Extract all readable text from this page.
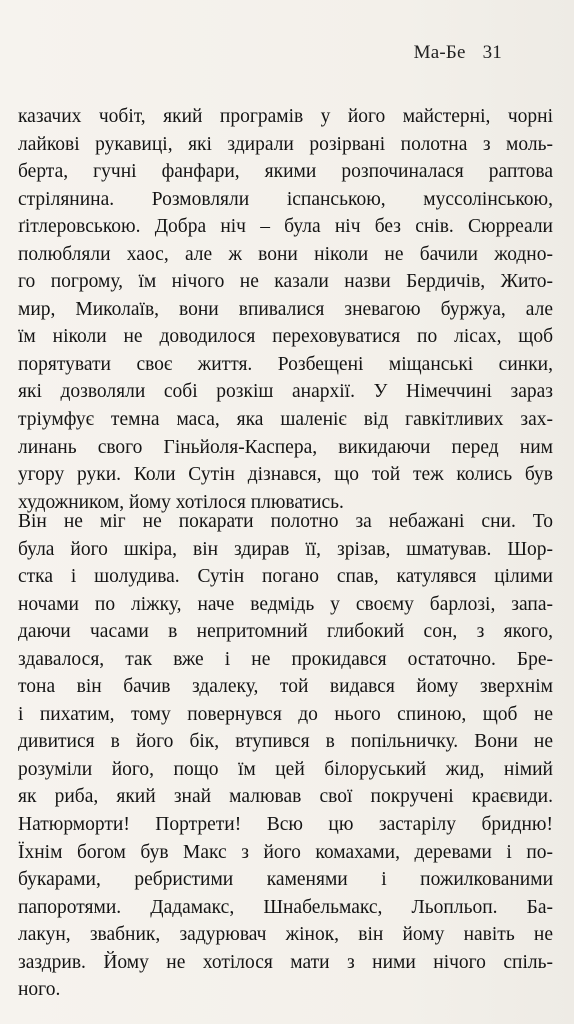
Ма-Бе 31
казачих чобіт, який програмів у його майстерні, чорні
лайкові рукавиці, які здирали розірвані полотна з моль-
берта, гучні фанфари, якими розпочиналася раптова
стрілянина. Розмовляли іспанською, муссолінською,
ґітлеровською. Добра ніч – була ніч без снів. Сюрреали
полюбляли хаос, але ж вони ніколи не бачили жодно-
го погрому, їм нічого не казали назви Бердичів, Жито-
мир, Миколаїв, вони впивалися зневагою буржуа, але
їм ніколи не доводилося переховуватися по лісах, щоб
порятувати своє життя. Розбещені міщанські синки,
які дозволяли собі розкіш анархії. У Німеччині зараз
тріумфує темна маса, яка шаленіє від гавкітливих зах-
линань свого Гіньйоля-Каспера, викидаючи перед ним
угору руки. Коли Сутін дізнався, що той теж колись був
художником, йому хотілося плюватись.
Він не міг не покарати полотно за небажані сни. То
була його шкіра, він здирав її, зрізав, шматував. Шор-
стка і шолудива. Сутін погано спав, катулявся цілими
ночами по ліжку, наче ведмідь у своєму барлозі, запа-
даючи часами в непритомний глибокий сон, з якого,
здавалося, так вже і не прокидався остаточно. Бре-
тона він бачив здалеку, той видався йому зверхнім
і пихатим, тому повернувся до нього спиною, щоб не
дивитися в його бік, втупився в попільничку. Вони не
розуміли його, пощо їм цей білоруський жид, німий
як риба, який знай малював свої покручені краєвиди.
Натюрморти! Портрети! Всю цю застарілу бридню!
Їхнім богом був Макс з його комахами, деревами і по-
букарами, ребристими каменями і пожилкованими
папоротями. Дадамакс, Шнабельмакс, Льопльоп. Ба-
лакун, звабник, задурювач жінок, він йому навіть не
заздрив. Йому не хотілося мати з ними нічого спіль-
ного.
